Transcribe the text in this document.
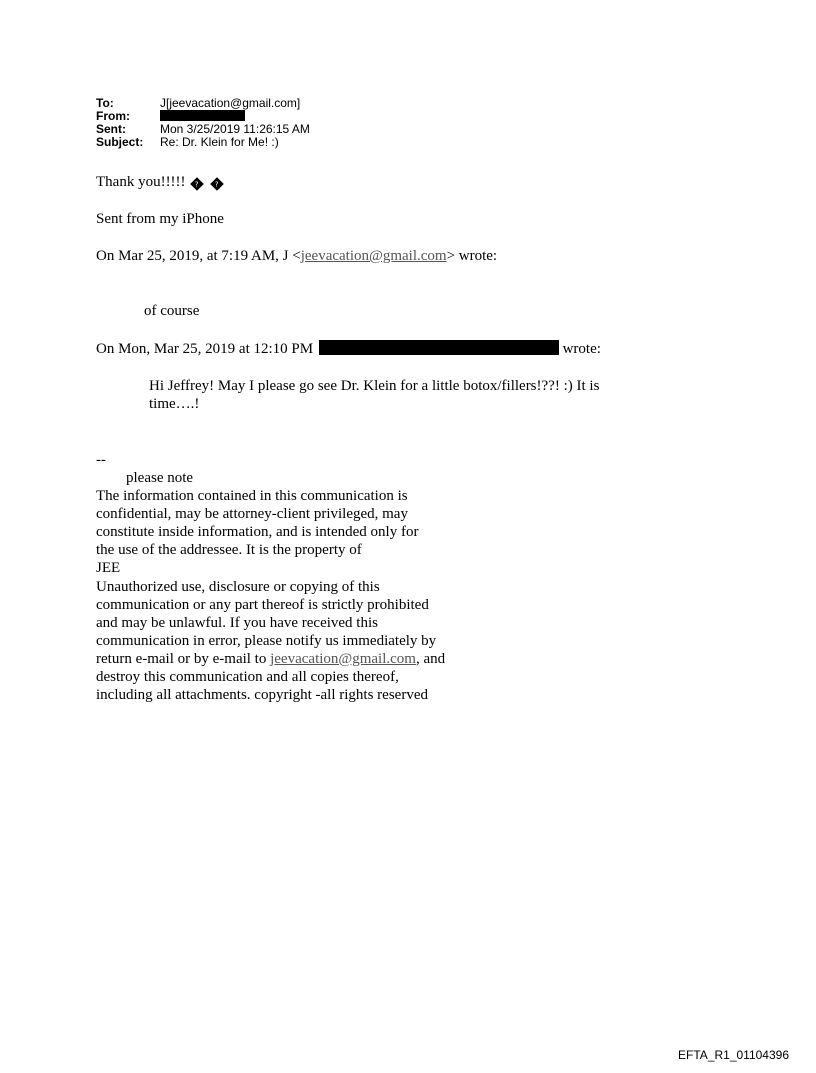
To:	J[jeevacation@gmail.com]
From:
Sent:	Mon 3/25/2019 11:26:15 AM
Subject:	Re: Dr. Klein for Me! :)
Thank you!!!!! ? ?
Sent from my iPhone
On Mar 25, 2019, at 7:19 AM, J <jeevacation@gmail.com> wrote:
of course
On Mon, Mar 25, 2019 at 12:10 PM	wrote:
Hi Jeffrey! May I please go see Dr. Klein for a little botox/fillers!??! :) It is
time….!
--
please note
The information contained in this communication is
confidential, may be attorney-client privileged, may
constitute inside information, and is intended only for
the use of the addressee. It is the property of
JEE
Unauthorized use, disclosure or copying of this
communication or any part thereof is strictly prohibited
and may be unlawful. If you have received this
communication in error, please notify us immediately by
return e-mail or by e-mail to jeevacation@gmail.com, and
destroy this communication and all copies thereof,
including all attachments. copyright -all rights reserved
EFTA_R1_01104396
